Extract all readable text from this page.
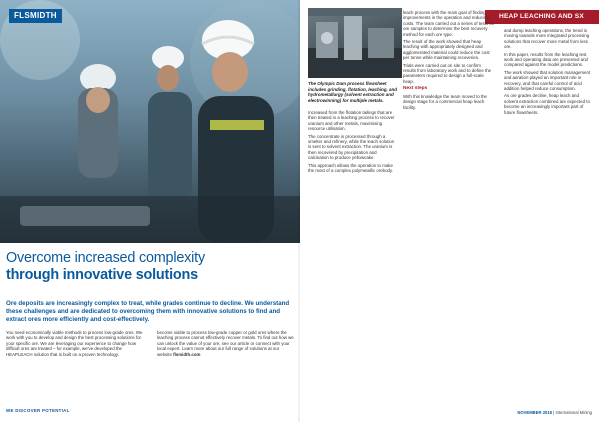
FLSMIDTH
Overcome increased complexity
through innovative solutions
Ore deposits are increasingly complex to treat, while grades continue to decline. We understand these challenges and are dedicated to overcoming them with innovative solutions to find and extract ores more efficiently and cost-effectively.
You need economically viable methods to process low-grade ores. We work with you to develop and design the best processing solutions for your specific ore. We are leveraging our experience to change how difficult ores are treated – for example, we've developed the HEAPLEACH solution that is built on a proven technology.
become viable to process low-grade copper or gold ores where the leaching process cannot effectively recover metals. To find out how we can unlock the value of your ore, see our article or connect with your local expert. Learn more about our full range of solutions at our website flsmidth.com
WE DISCOVER POTENTIAL
HEAP LEACHING AND SX
The Olympic Dam process flowsheet includes grinding, flotation, leaching, and hydrometallurgy (solvent extraction and electrowinning) for multiple metals.

Increased from the flotation tailings that are then treated in a leaching process to recover uranium and other metals, maximising resource utilisation.

The concentrate is processed through a smelter and refinery, while the leach solution is sent to solvent extraction. The uranium is then recovered by precipitation and calcination to produce yellowcake.

This approach allows the operation to make the most of a complex polymetallic orebody.

leach process with the main goal of finding improvements in the operation and reducing costs. The team carried out a series of tests on ore samples to determine the best recovery method for each ore type.

The result of the work showed that heap leaching with appropriately designed and agglomerated material could reduce the cost per tonne while maintaining recoveries.

Trials were carried out on site to confirm results from laboratory work and to define the parameters required to design a full-scale heap.

Next steps

With this knowledge the team moved to the design stage for a commercial heap leach facility.

and dump leaching operations, the trend is moving towards more integrated processing solutions that recover more metal from less ore.

In this paper, results from the leaching test work and operating data are presented and compared against the model predictions.

The work showed that solution management and aeration played an important role in recovery, and that careful control of acid addition helped reduce consumption.

As ore grades decline, heap leach and solvent extraction combined are expected to become an increasingly important part of future flowsheets.

NOVEMBER 2018 | International Mining
